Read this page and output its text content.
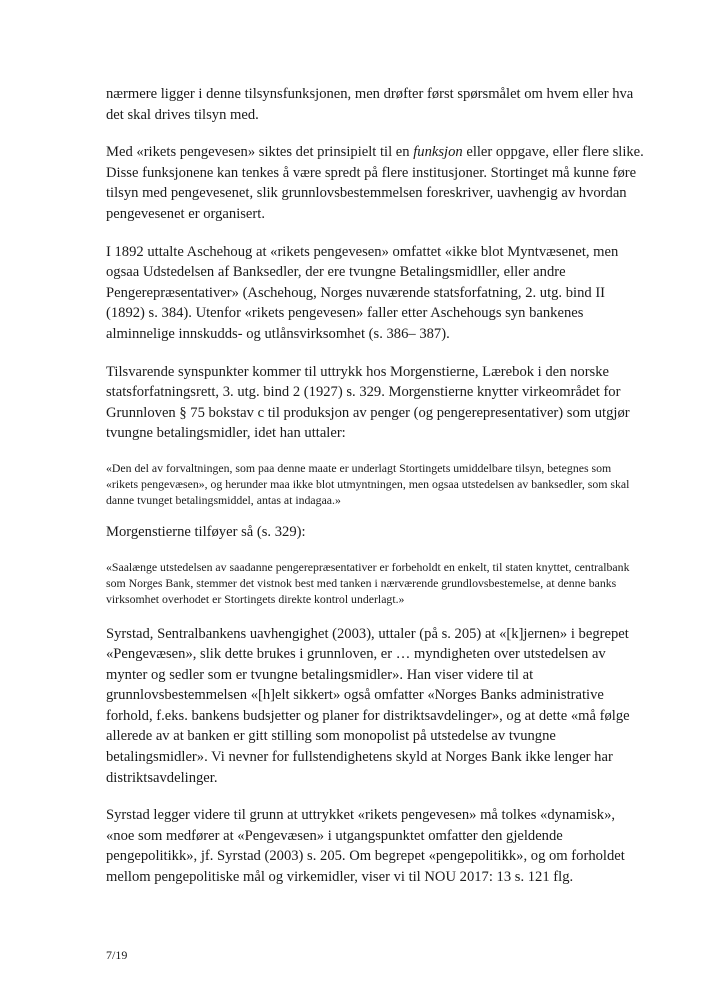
nærmere ligger i denne tilsynsfunksjonen, men drøfter først spørsmålet om hvem eller hva det skal drives tilsyn med.

Med «rikets pengevesen» siktes det prinsipielt til en funksjon eller oppgave, eller flere slike. Disse funksjonene kan tenkes å være spredt på flere institusjoner. Stortinget må kunne føre tilsyn med pengevesenet, slik grunnlovsbestemmelsen foreskriver, uavhengig av hvordan pengevesenet er organisert.

I 1892 uttalte Aschehoug at «rikets pengevesen» omfattet «ikke blot Myntvæsenet, men ogsaa Udstedelsen af Banksedler, der ere tvungne Betalingsmidller, eller andre Pengerepræsentativer» (Aschehoug, Norges nuværende statsforfatning, 2. utg. bind II (1892) s. 384). Utenfor «rikets pengevesen» faller etter Aschehougs syn bankenes alminnelige innskudds- og utlånsvirksomhet (s. 386– 387).

Tilsvarende synspunkter kommer til uttrykk hos Morgenstierne, Lærebok i den norske statsforfatningsrett, 3. utg. bind 2 (1927) s. 329. Morgenstierne knytter virkeområdet for Grunnloven § 75 bokstav c til produksjon av penger (og pengerepresentativer) som utgjør tvungne betalingsmidler, idet han uttaler:

«Den del av forvaltningen, som paa denne maate er underlagt Stortingets umiddelbare tilsyn, betegnes som «rikets pengevæsen», og herunder maa ikke blot utmyntningen, men ogsaa utstedelsen av banksedler, som skal danne tvunget betalingsmiddel, antas at indagaa.»

Morgenstierne tilføyer så (s. 329):

«Saalænge utstedelsen av saadanne pengerepræsentativer er forbeholdt en enkelt, til staten knyttet, centralbank som Norges Bank, stemmer det vistnok best med tanken i nærværende grundlovsbestemelse, at denne banks virksomhet overhodet er Stortingets direkte kontrol underlagt.»

Syrstad, Sentralbankens uavhengighet (2003), uttaler (på s. 205) at «[k]jernen» i begrepet «Pengevæsen», slik dette brukes i grunnloven, er … myndigheten over utstedelsen av mynter og sedler som er tvungne betalingsmidler». Han viser videre til at grunnlovsbestemmelsen «[h]elt sikkert» også omfatter «Norges Banks administrative forhold, f.eks. bankens budsjetter og planer for distriktsavdelinger», og at dette «må følge allerede av at banken er gitt stilling som monopolist på utstedelse av tvungne betalingsmidler». Vi nevner for fullstendighetens skyld at Norges Bank ikke lenger har distriktsavdelinger.

Syrstad legger videre til grunn at uttrykket «rikets pengevesen» må tolkes «dynamisk», «noe som medfører at «Pengevæsen» i utgangspunktet omfatter den gjeldende pengepolitikk», jf. Syrstad (2003) s. 205. Om begrepet «pengepolitikk», og om forholdet mellom pengepolitiske mål og virkemidler, viser vi til NOU 2017: 13 s. 121 flg.

7/19
